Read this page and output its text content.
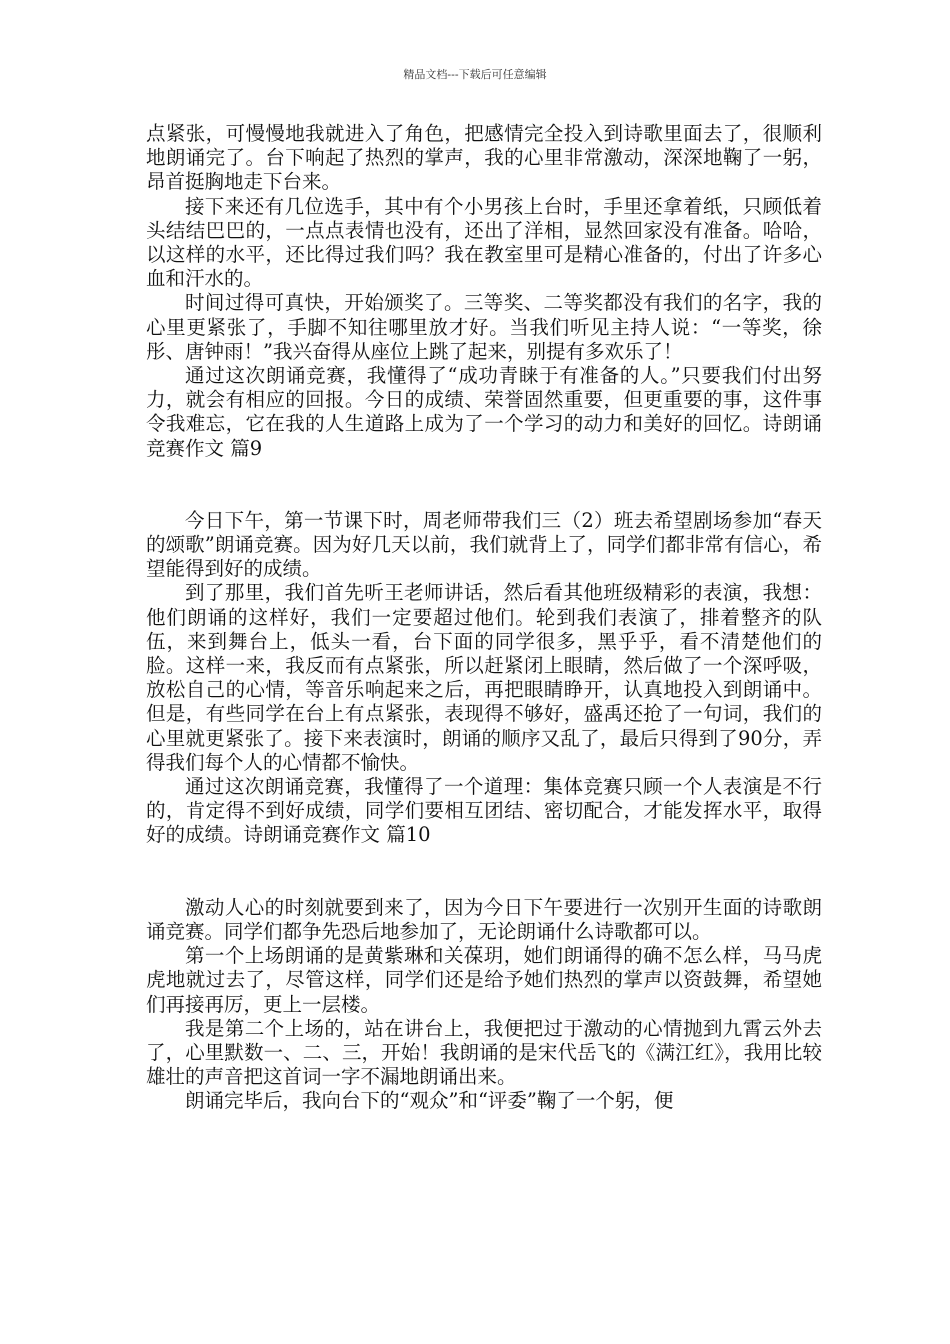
精品文档---下载后可任意编辑

点紧张，可慢慢地我就进入了角色，把感情完全投入到诗歌里面去了，很顺利地朗诵完了。台下响起了热烈的掌声，我的心里非常激动，深深地鞠了一躬，昂首挺胸地走下台来。

接下来还有几位选手，其中有个小男孩上台时，手里还拿着纸，只顾低着头结结巴巴的，一点点表情也没有，还出了洋相，显然回家没有准备。哈哈，以这样的水平，还比得过我们吗？我在教室里可是精心准备的，付出了许多心血和汗水的。

时间过得可真快，开始颁奖了。三等奖、二等奖都没有我们的名字，我的心里更紧张了，手脚不知往哪里放才好。当我们听见主持人说：“一等奖，徐彤、唐钟雨！”我兴奋得从座位上跳了起来，别提有多欢乐了！

通过这次朗诵竞赛，我懂得了“成功青睐于有准备的人。”只要我们付出努力，就会有相应的回报。今日的成绩、荣誉固然重要，但更重要的事，这件事令我难忘，它在我的人生道路上成为了一个学习的动力和美好的回忆。诗朗诵竞赛作文 篇9

今日下午，第一节课下时，周老师带我们三（2）班去希望剧场参加“春天的颂歌”朗诵竞赛。因为好几天以前，我们就背上了，同学们都非常有信心，希望能得到好的成绩。

到了那里，我们首先听王老师讲话，然后看其他班级精彩的表演，我想：他们朗诵的这样好，我们一定要超过他们。轮到我们表演了，排着整齐的队伍，来到舞台上，低头一看，台下面的同学很多，黑乎乎，看不清楚他们的脸。这样一来，我反而有点紧张，所以赶紧闭上眼睛，然后做了一个深呼吸，放松自己的心情，等音乐响起来之后，再把眼睛睁开，认真地投入到朗诵中。但是，有些同学在台上有点紧张，表现得不够好，盛禹还抢了一句词，我们的心里就更紧张了。接下来表演时，朗诵的顺序又乱了，最后只得到了90分，弄得我们每个人的心情都不愉快。

通过这次朗诵竞赛，我懂得了一个道理：集体竞赛只顾一个人表演是不行的，肯定得不到好成绩，同学们要相互团结、密切配合，才能发挥水平，取得好的成绩。诗朗诵竞赛作文 篇10

激动人心的时刻就要到来了，因为今日下午要进行一次别开生面的诗歌朗诵竞赛。同学们都争先恐后地参加了，无论朗诵什么诗歌都可以。

第一个上场朗诵的是黄紫琳和关葆玥，她们朗诵得的确不怎么样，马马虎虎地就过去了，尽管这样，同学们还是给予她们热烈的掌声以资鼓舞，希望她们再接再厉，更上一层楼。

我是第二个上场的，站在讲台上，我便把过于激动的心情抛到九霄云外去了，心里默数一、二、三，开始！我朗诵的是宋代岳飞的《满江红》，我用比较雄壮的声音把这首词一字不漏地朗诵出来。

朗诵完毕后，我向台下的“观众”和“评委”鞠了一个躬，便
